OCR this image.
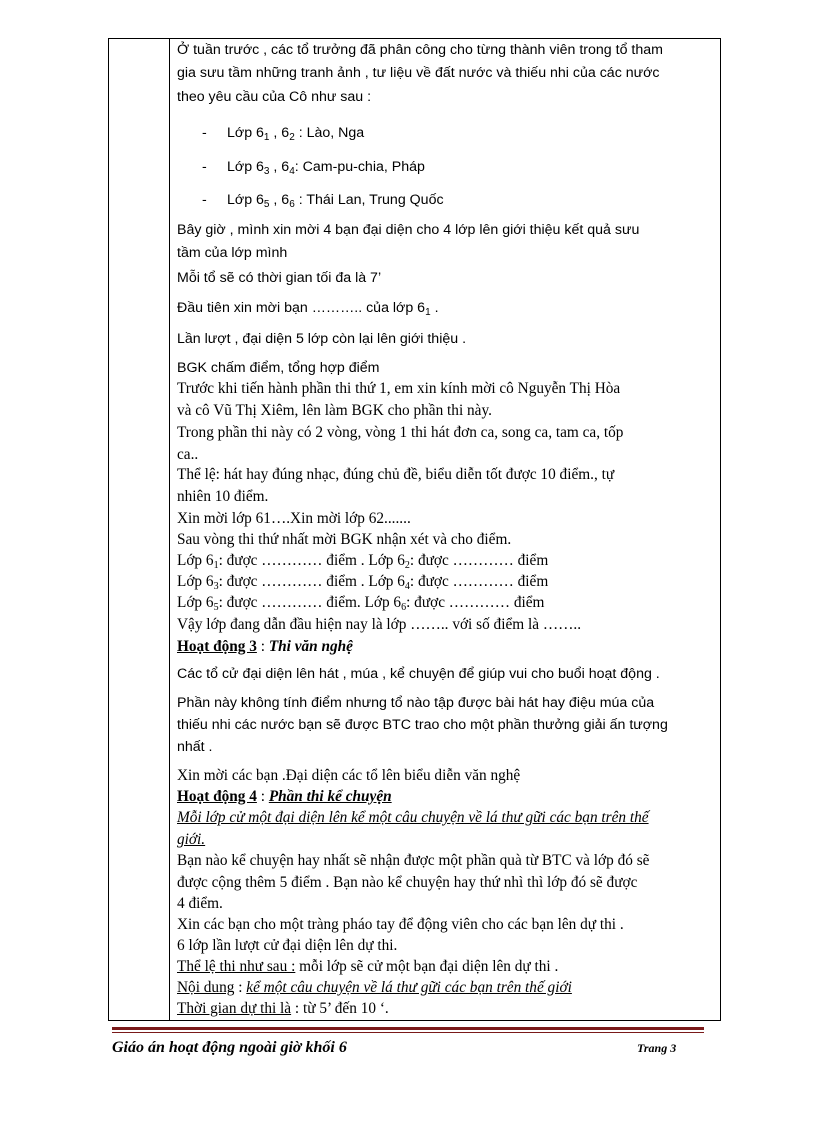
Ở tuần trước , các tổ trưởng đã phân công cho từng thành viên trong tổ tham
gia sưu tầm những tranh ảnh , tư liệu về đất nước và thiếu nhi của các nước
theo yêu cầu của Cô như sau :
- Lớp $6_1$ , $6_2$ : Lào, Nga
- Lớp $6_3$ , $6_4$: Cam-pu-chia, Pháp
- Lớp $6_5$ , $6_6$ : Thái Lan, Trung Quốc
Bây giờ , mình xin mời 4 bạn đại diện cho 4 lớp lên giới thiệu kết quả sưu
tầm của lớp mình
Mỗi tổ sẽ có thời gian tối đa là 7’
Đầu tiên xin mời bạn ……….. của lớp $6_1$ .
Lần lượt , đại diện 5 lớp còn lại lên giới thiệu .
BGK chấm điểm, tổng hợp điểm
Trước khi tiến hành phần thi thứ 1, em xin kính mời cô Nguyễn Thị Hòa
và cô Vũ Thị Xiêm, lên làm BGK cho phần thi này.
Trong phần thi này có 2 vòng, vòng 1 thi hát đơn ca, song ca, tam ca, tốp
ca..
Thể lệ: hát hay đúng nhạc, đúng chủ đề, biểu diễn tốt được 10 điểm., tự
nhiên 10 điểm.
Xin mời lớp 61….Xin mời lớp 62.......
Sau vòng thi thứ nhất mời BGK nhận xét và cho điểm.
Lớp $6_1$: được ………… điểm . Lớp $6_2$: được ………… điểm
Lớp $6_3$: được ………… điểm . Lớp $6_4$: được ………… điểm
Lớp $6_5$: được ………… điểm. Lớp $6_6$: được ………… điểm
Vậy lớp đang dẫn đầu hiện nay là lớp …….. với số điểm là ……..
Hoạt động 3 : Thi văn nghệ
Các tổ cử đại diện lên hát , múa , kể chuyện để giúp vui cho buổi hoạt động .
Phần này không tính điểm nhưng tổ nào tập được bài hát hay điệu múa của
thiếu nhi các nước bạn sẽ được BTC trao cho một phần thưởng giải ấn tượng
nhất .
Xin mời các bạn .Đại diện các tổ lên biểu diễn văn nghệ
Hoạt động 4 : Phần thi kể chuyện
Mỗi lớp cử một đại diện lên kể một câu chuyện về lá thư gữi các bạn trên thế
giới.
Bạn nào kể chuyện hay nhất sẽ nhận được một phần quà từ BTC và lớp đó sẽ
được cộng thêm 5 điểm . Bạn nào kể chuyện hay thứ nhì thì lớp đó sẽ được
4 điểm.
Xin các bạn cho một tràng pháo tay để động viên cho các bạn lên dự thi .
6 lớp lần lượt cử đại diện lên dự thi.
Thể lệ thi như sau : mỗi lớp sẽ cử một bạn đại diện lên dự thi .
Nội dung : kể một câu chuyện về lá thư gữi các bạn trên thế giới
Thời gian dự thi là : từ 5’ đến 10 ‘.
Giáo án hoạt động ngoài giờ khối 6	Trang 3
